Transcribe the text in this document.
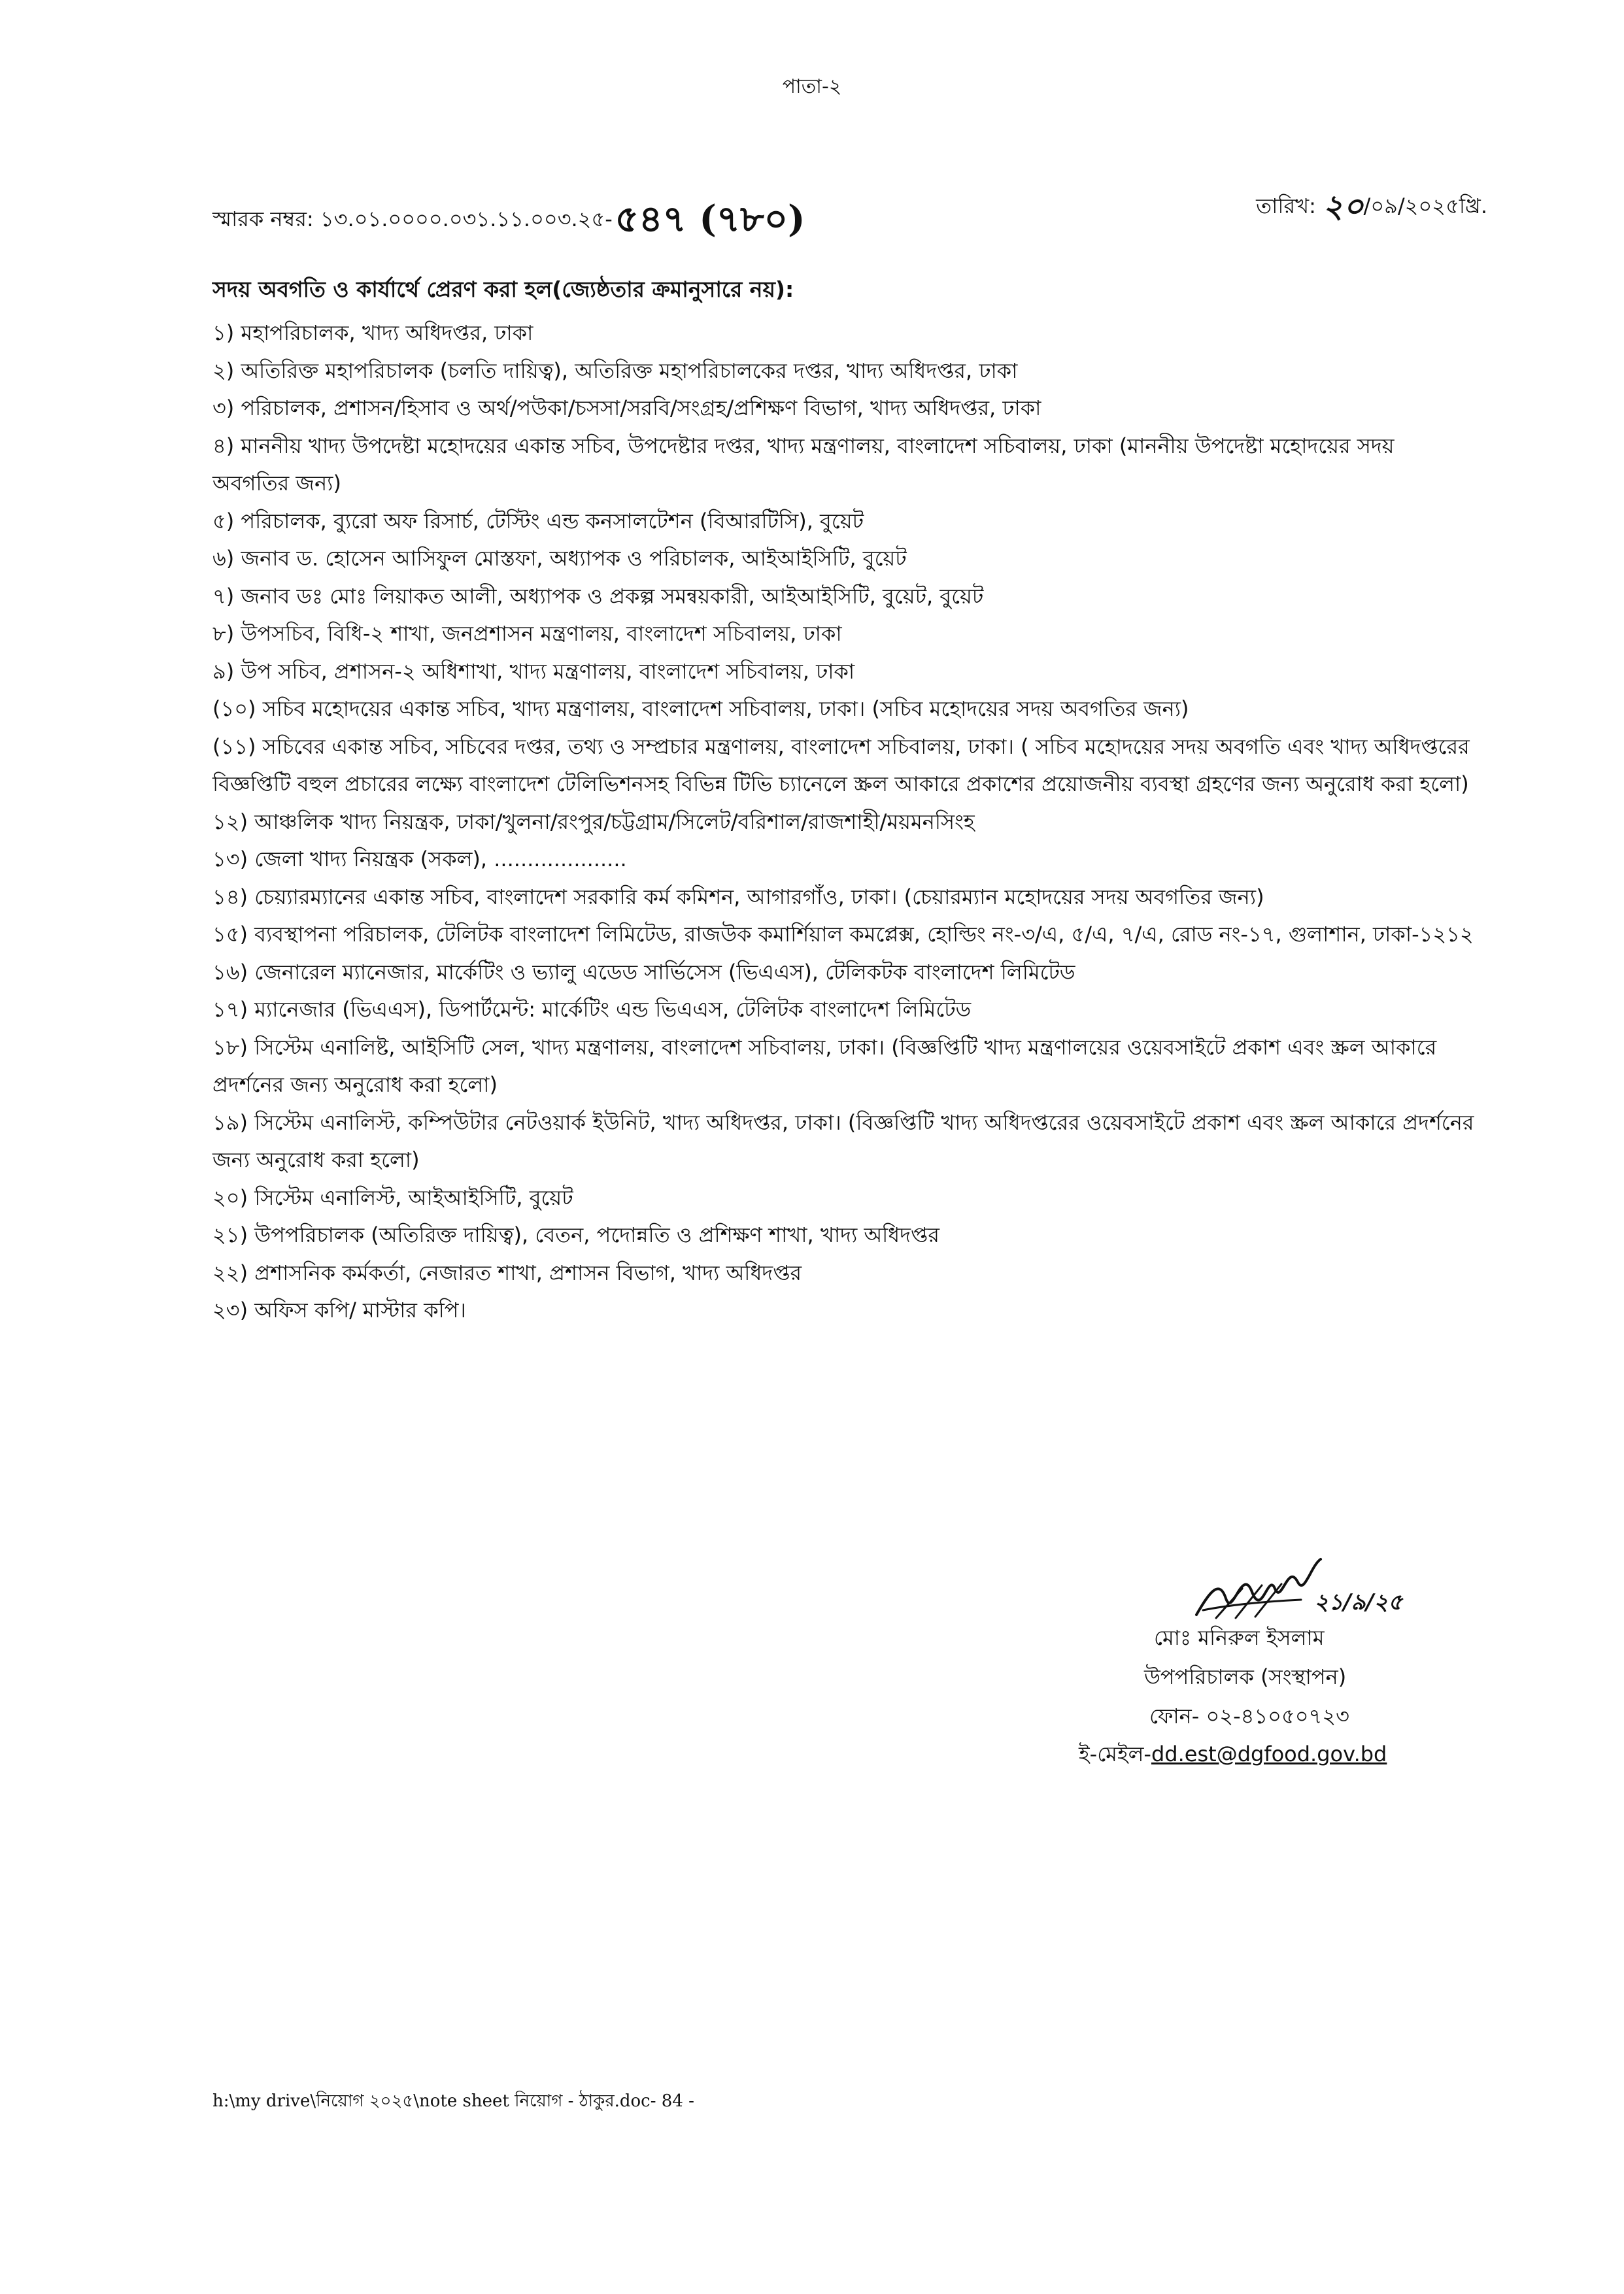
পাতা-২
স্মারক নম্বর: ১৩.০১.০০০০.০৩১.১১.০০৩.২৫-৫৪৭ (৭৮০)	তারিখ: ২০/০৯/২০২৫খ্রি.
সদয় অবগতি ও কার্যার্থে প্রেরণ করা হল(জ্যেষ্ঠতার ক্রমানুসারে নয়):
১) মহাপরিচালক, খাদ্য অধিদপ্তর, ঢাকা
২) অতিরিক্ত মহাপরিচালক (চলতি দায়িত্ব), অতিরিক্ত মহাপরিচালকের দপ্তর, খাদ্য অধিদপ্তর, ঢাকা
৩) পরিচালক, প্রশাসন/হিসাব ও অর্থ/পউকা/চসসা/সরবি/সংগ্রহ/প্রশিক্ষণ বিভাগ, খাদ্য অধিদপ্তর, ঢাকা
৪) মাননীয় খাদ্য উপদেষ্টা মহোদয়ের একান্ত সচিব, উপদেষ্টার দপ্তর, খাদ্য মন্ত্রণালয়, বাংলাদেশ সচিবালয়, ঢাকা (মাননীয় উপদেষ্টা মহোদয়ের সদয় অবগতির জন্য)
৫) পরিচালক, ব্যুরো অফ রিসার্চ, টেস্টিং এন্ড কনসালটেশন (বিআরটিসি), বুয়েট
৬) জনাব ড. হোসেন আসিফুল মোস্তফা, অধ্যাপক ও পরিচালক, আইআইসিটি, বুয়েট
৭) জনাব ডঃ মোঃ লিয়াকত আলী, অধ্যাপক ও প্রকল্প সমন্বয়কারী, আইআইসিটি, বুয়েট, বুয়েট
৮) উপসচিব, বিধি-২ শাখা, জনপ্রশাসন মন্ত্রণালয়, বাংলাদেশ সচিবালয়, ঢাকা
৯) উপ সচিব, প্রশাসন-২ অধিশাখা, খাদ্য মন্ত্রণালয়, বাংলাদেশ সচিবালয়, ঢাকা
(১০) সচিব মহোদয়ের একান্ত সচিব, খাদ্য মন্ত্রণালয়, বাংলাদেশ সচিবালয়, ঢাকা। (সচিব মহোদয়ের সদয় অবগতির জন্য)
(১১) সচিবের একান্ত সচিব, সচিবের দপ্তর, তথ্য ও সম্প্রচার মন্ত্রণালয়, বাংলাদেশ সচিবালয়, ঢাকা। ( সচিব মহোদয়ের সদয় অবগতি এবং খাদ্য অধিদপ্তরের বিজ্ঞপ্তিটি বহুল প্রচারের লক্ষ্যে বাংলাদেশ টেলিভিশনসহ বিভিন্ন টিভি চ্যানেলে স্ক্রল আকারে প্রকাশের প্রয়োজনীয় ব্যবস্থা গ্রহণের জন্য অনুরোধ করা হলো)
১২) আঞ্চলিক খাদ্য নিয়ন্ত্রক, ঢাকা/খুলনা/রংপুর/চট্টগ্রাম/সিলেট/বরিশাল/রাজশাহী/ময়মনসিংহ
১৩) জেলা খাদ্য নিয়ন্ত্রক (সকল), ....................
১৪) চেয়্যারম্যানের একান্ত সচিব, বাংলাদেশ সরকারি কর্ম কমিশন, আগারগাঁও, ঢাকা। (চেয়ারম্যান মহোদয়ের সদয় অবগতির জন্য)
১৫) ব্যবস্থাপনা পরিচালক, টেলিটক বাংলাদেশ লিমিটেড, রাজউক কমার্শিয়াল কমপ্লেক্স, হোল্ডিং নং-৩/এ, ৫/এ, ৭/এ, রোড নং-১৭, গুলাশান, ঢাকা-১২১২
১৬) জেনারেল ম্যানেজার, মার্কেটিং ও ভ্যালু এডেড সার্ভিসেস (ভিএএস), টেলিকটক বাংলাদেশ লিমিটেড
১৭) ম্যানেজার (ভিএএস), ডিপার্টমেন্ট: মার্কেটিং এন্ড ভিএএস, টেলিটক বাংলাদেশ লিমিটেড
১৮) সিস্টেম এনালিষ্ট, আইসিটি সেল, খাদ্য মন্ত্রণালয়, বাংলাদেশ সচিবালয়, ঢাকা। (বিজ্ঞপ্তিটি খাদ্য মন্ত্রণালয়ের ওয়েবসাইটে প্রকাশ এবং স্ক্রল আকারে প্রদর্শনের জন্য অনুরোধ করা হলো)
১৯) সিস্টেম এনালিস্ট, কম্পিউটার নেটওয়ার্ক ইউনিট, খাদ্য অধিদপ্তর, ঢাকা। (বিজ্ঞপ্তিটি খাদ্য অধিদপ্তরের ওয়েবসাইটে প্রকাশ এবং স্ক্রল আকারে প্রদর্শনের জন্য অনুরোধ করা হলো)
২০) সিস্টেম এনালিস্ট, আইআইসিটি, বুয়েট
২১) উপপরিচালক (অতিরিক্ত দায়িত্ব), বেতন, পদোন্নতি ও প্রশিক্ষণ শাখা, খাদ্য অধিদপ্তর
২২) প্রশাসনিক কর্মকর্তা, নেজারত শাখা, প্রশাসন বিভাগ, খাদ্য অধিদপ্তর
২৩) অফিস কপি/ মাস্টার কপি।
২১/৯/২৫
মোঃ মনিরুল ইসলাম
উপপরিচালক (সংস্থাপন)
ফোন- ০২-৪১০৫০৭২৩
ই-মেইল-dd.est@dgfood.gov.bd
h:\my drive\নিয়োগ ২০২৫\note sheet নিয়োগ - ঠাকুর.doc- 84 -
